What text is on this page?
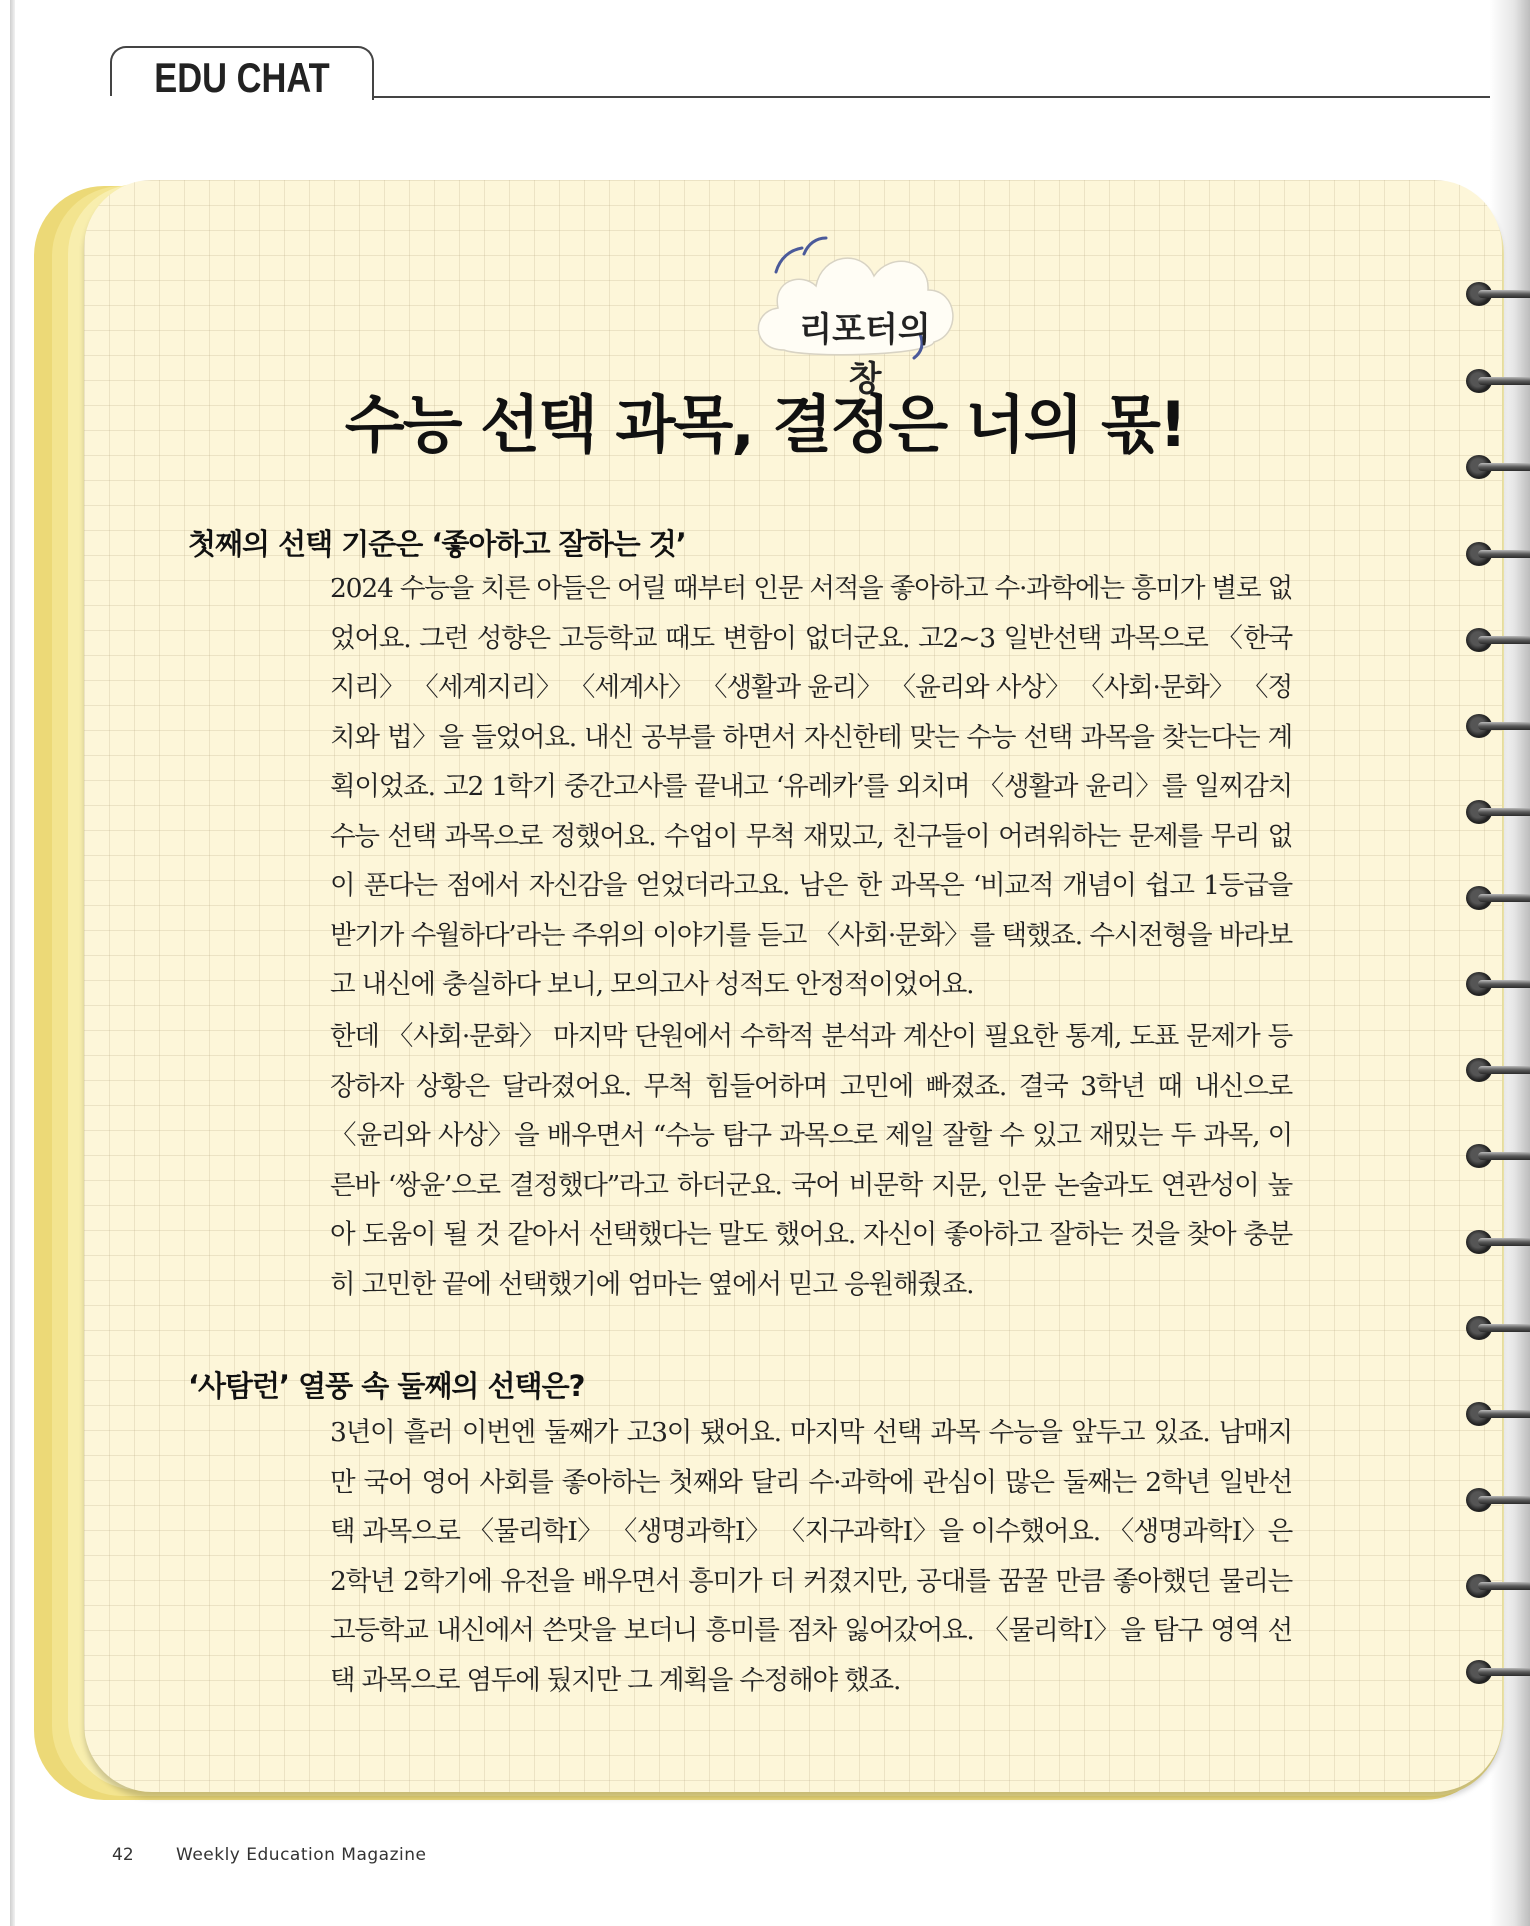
EDU CHAT
리포터의 창
수능 선택 과목, 결정은 너의 몫!
첫째의 선택 기준은 ‘좋아하고 잘하는 것’

2024 수능을 치른 아들은 어릴 때부터 인문 서적을 좋아하고 수·과학에는 흥미가 별로 없었어요. 그런 성향은 고등학교 때도 변함이 없더군요. 고2~3 일반선택 과목으로 〈한국지리〉 〈세계지리〉 〈세계사〉 〈생활과 윤리〉 〈윤리와 사상〉 〈사회·문화〉 〈정치와 법〉을 들었어요. 내신 공부를 하면서 자신한테 맞는 수능 선택 과목을 찾는다는 계획이었죠. 고2 1학기 중간고사를 끝내고 ‘유레카’를 외치며 〈생활과 윤리〉를 일찌감치 수능 선택 과목으로 정했어요. 수업이 무척 재밌고, 친구들이 어려워하는 문제를 무리 없이 푼다는 점에서 자신감을 얻었더라고요. 남은 한 과목은 ‘비교적 개념이 쉽고 1등급을 받기가 수월하다’라는 주위의 이야기를 듣고 〈사회·문화〉를 택했죠. 수시전형을 바라보고 내신에 충실하다 보니, 모의고사 성적도 안정적이었어요.

한데 〈사회·문화〉 마지막 단원에서 수학적 분석과 계산이 필요한 통계, 도표 문제가 등장하자 상황은 달라졌어요. 무척 힘들어하며 고민에 빠졌죠. 결국 3학년 때 내신으로 〈윤리와 사상〉을 배우면서 “수능 탐구 과목으로 제일 잘할 수 있고 재밌는 두 과목, 이른바 ‘쌍윤’으로 결정했다”라고 하더군요. 국어 비문학 지문, 인문 논술과도 연관성이 높아 도움이 될 것 같아서 선택했다는 말도 했어요. 자신이 좋아하고 잘하는 것을 찾아 충분히 고민한 끝에 선택했기에 엄마는 옆에서 믿고 응원해줬죠.

‘사탐런’ 열풍 속 둘째의 선택은?

3년이 흘러 이번엔 둘째가 고3이 됐어요. 마지막 선택 과목 수능을 앞두고 있죠. 남매지만 국어 영어 사회를 좋아하는 첫째와 달리 수·과학에 관심이 많은 둘째는 2학년 일반선택 과목으로 〈물리학Ⅰ〉 〈생명과학Ⅰ〉 〈지구과학Ⅰ〉을 이수했어요. 〈생명과학Ⅰ〉은 2학년 2학기에 유전을 배우면서 흥미가 더 커졌지만, 공대를 꿈꿀 만큼 좋아했던 물리는 고등학교 내신에서 쓴맛을 보더니 흥미를 점차 잃어갔어요. 〈물리학Ⅰ〉을 탐구 영역 선택 과목으로 염두에 뒀지만 그 계획을 수정해야 했죠.

42 Weekly Education Magazine
